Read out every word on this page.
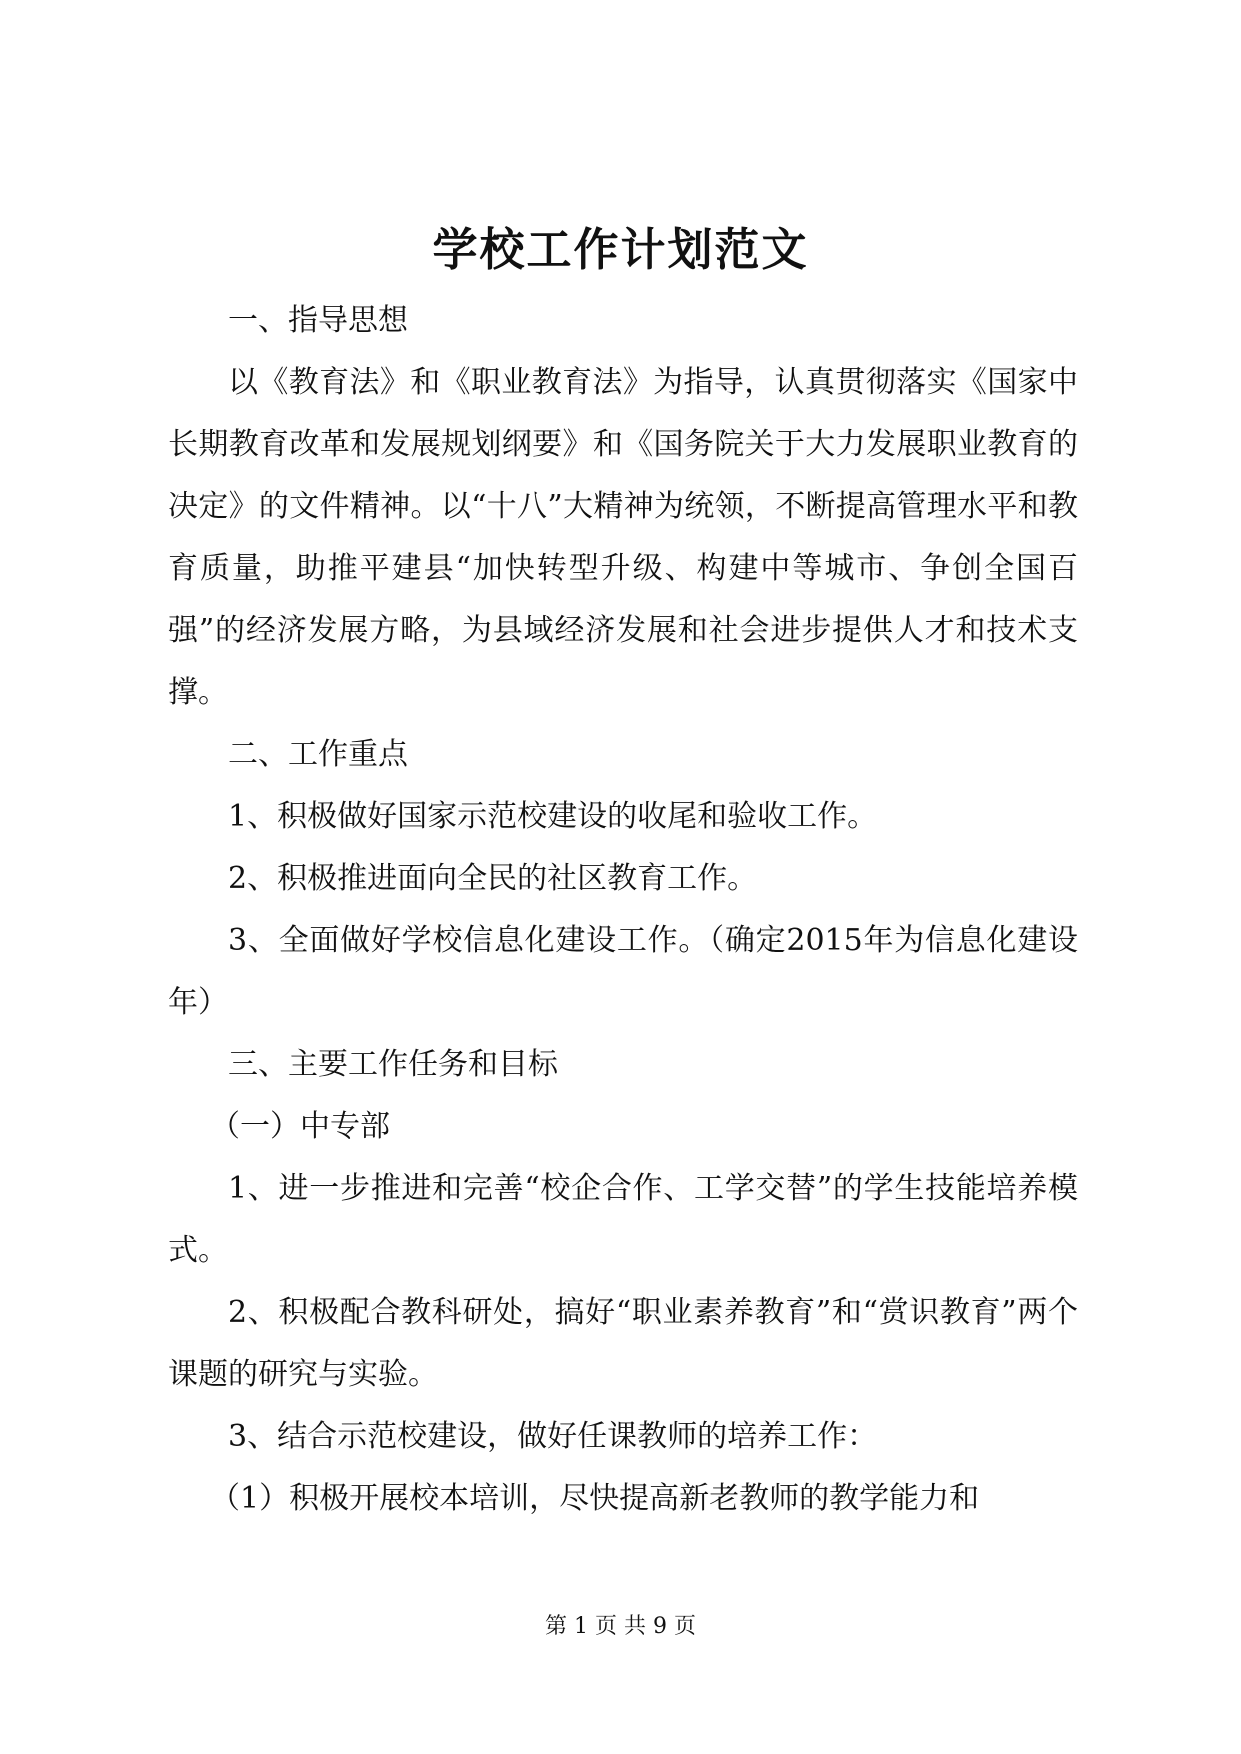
学校工作计划范文

一、指导思想

以《教育法》和《职业教育法》为指导，认真贯彻落实《国家中长期教育改革和发展规划纲要》和《国务院关于大力发展职业教育的决定》的文件精神。以“十八”大精神为统领，不断提高管理水平和教育质量，助推平建县“加快转型升级、构建中等城市、争创全国百强”的经济发展方略，为县域经济发展和社会进步提供人才和技术支撑。

二、工作重点

1、积极做好国家示范校建设的收尾和验收工作。

2、积极推进面向全民的社区教育工作。

3、全面做好学校信息化建设工作。（确定2015年为信息化建设年）

三、主要工作任务和目标

（一）中专部

1、进一步推进和完善“校企合作、工学交替”的学生技能培养模式。

2、积极配合教科研处，搞好“职业素养教育”和“赏识教育”两个课题的研究与实验。

3、结合示范校建设，做好任课教师的培养工作：

（1）积极开展校本培训，尽快提高新老教师的教学能力和

第 1 页 共 9 页
